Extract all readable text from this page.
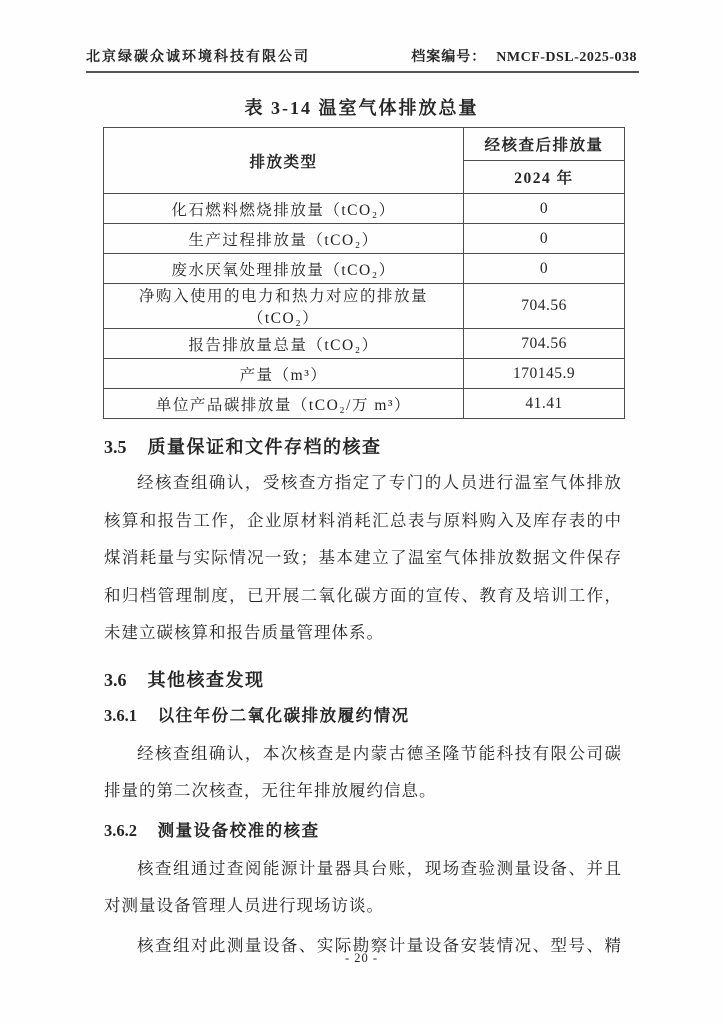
北京绿碳众诚环境科技有限公司	档案编号： NMCF-DSL-2025-038
表 3-14 温室气体排放总量
排放类型	经核查后排放量
	2024 年
化石燃料燃烧排放量（tCO₂）	0
生产过程排放量（tCO₂）	0
废水厌氧处理排放量（tCO₂）	0
净购入使用的电力和热力对应的排放量（tCO₂）	704.56
报告排放量总量（tCO₂）	704.56
产量（m³）	170145.9
单位产品碳排放量（tCO₂/万 m³）	41.41
3.5 质量保证和文件存档的核查
经核查组确认，受核查方指定了专门的人员进行温室气体排放
核算和报告工作，企业原材料消耗汇总表与原料购入及库存表的中
煤消耗量与实际情况一致；基本建立了温室气体排放数据文件保存
和归档管理制度，已开展二氧化碳方面的宣传、教育及培训工作，
未建立碳核算和报告质量管理体系。
3.6 其他核查发现
3.6.1 以往年份二氧化碳排放履约情况
经核查组确认，本次核查是内蒙古德圣隆节能科技有限公司碳
排量的第二次核查，无往年排放履约信息。
3.6.2 测量设备校准的核查
核查组通过查阅能源计量器具台账，现场查验测量设备、并且
对测量设备管理人员进行现场访谈。
核查组对此测量设备、实际勘察计量设备安装情况、型号、精
- 20 -
